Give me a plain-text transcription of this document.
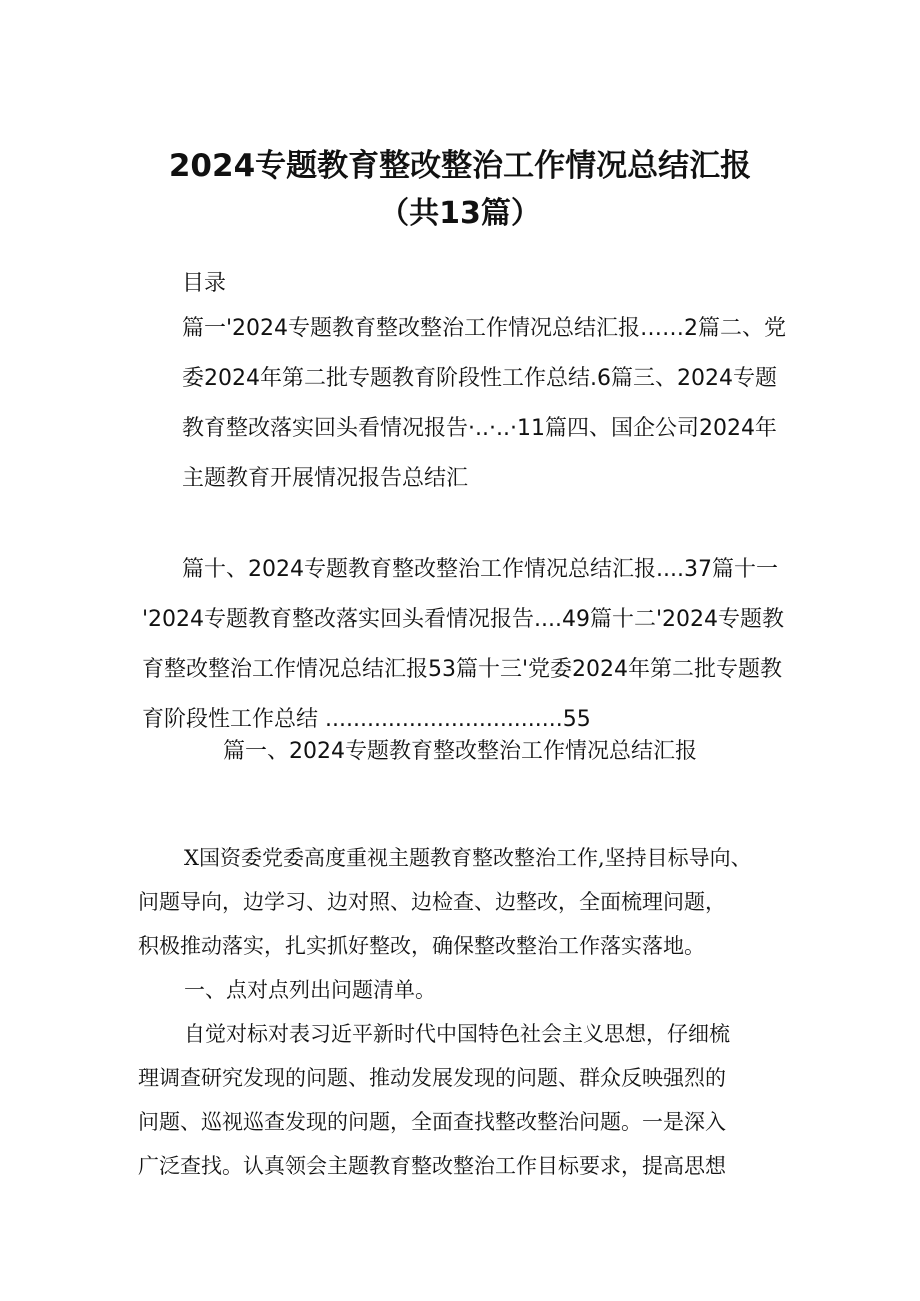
2024专题教育整改整治工作情况总结汇报
（共13篇）
目录
篇一'2024专题教育整改整治工作情况总结汇报……2篇二、党
委2024年第二批专题教育阶段性工作总结.6篇三、2024专题
教育整改落实回头看情况报告·..·..·11篇四、国企公司2024年
主题教育开展情况报告总结汇
篇十、2024专题教育整改整治工作情况总结汇报....37篇十一
'2024专题教育整改落实回头看情况报告....49篇十二'2024专题教
育整改整治工作情况总结汇报53篇十三'党委2024年第二批专题教
育阶段性工作总结 ..................................55
篇一、2024专题教育整改整治工作情况总结汇报
X国资委党委高度重视主题教育整改整治工作,坚持目标导向、
问题导向，边学习、边对照、边检查、边整改，全面梳理问题，
积极推动落实，扎实抓好整改，确保整改整治工作落实落地。
一、点对点列出问题清单。
自觉对标对表习近平新时代中国特色社会主义思想，仔细梳
理调查研究发现的问题、推动发展发现的问题、群众反映强烈的
问题、巡视巡查发现的问题，全面查找整改整治问题。一是深入
广泛查找。认真领会主题教育整改整治工作目标要求，提高思想
